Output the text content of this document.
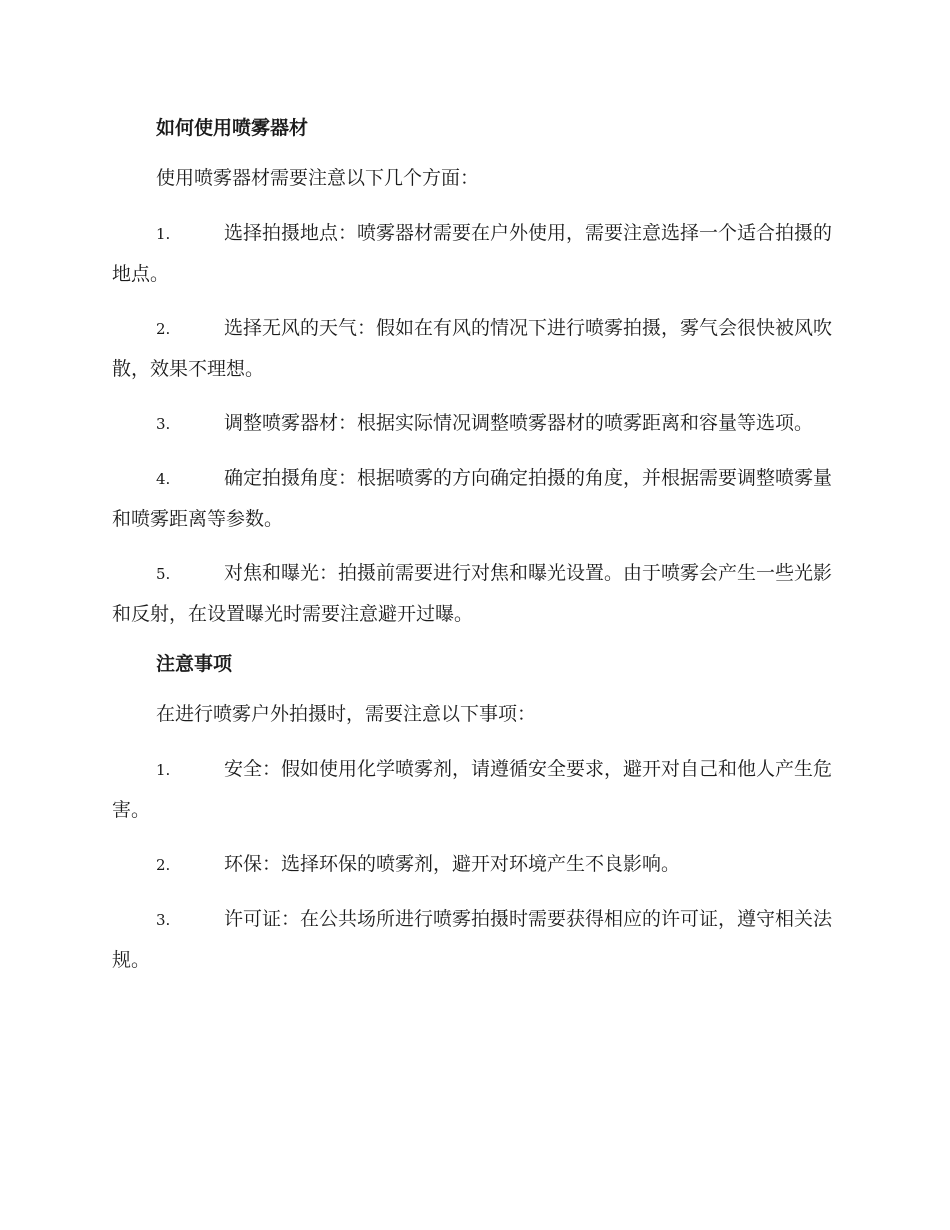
如何使用喷雾器材

使用喷雾器材需要注意以下几个方面：

1.	选择拍摄地点：喷雾器材需要在户外使用，需要注意选择一个适合拍摄的地点。
2.	选择无风的天气：假如在有风的情况下进行喷雾拍摄，雾气会很快被风吹散，效果不理想。
3.	调整喷雾器材：根据实际情况调整喷雾器材的喷雾距离和容量等选项。
4.	确定拍摄角度：根据喷雾的方向确定拍摄的角度，并根据需要调整喷雾量和喷雾距离等参数。
5.	对焦和曝光：拍摄前需要进行对焦和曝光设置。由于喷雾会产生一些光影和反射，在设置曝光时需要注意避开过曝。
注意事项

在进行喷雾户外拍摄时，需要注意以下事项：

1.	安全：假如使用化学喷雾剂，请遵循安全要求，避开对自己和他人产生危害。
2.	环保：选择环保的喷雾剂，避开对环境产生不良影响。
3.	许可证：在公共场所进行喷雾拍摄时需要获得相应的许可证，遵守相关法规。
